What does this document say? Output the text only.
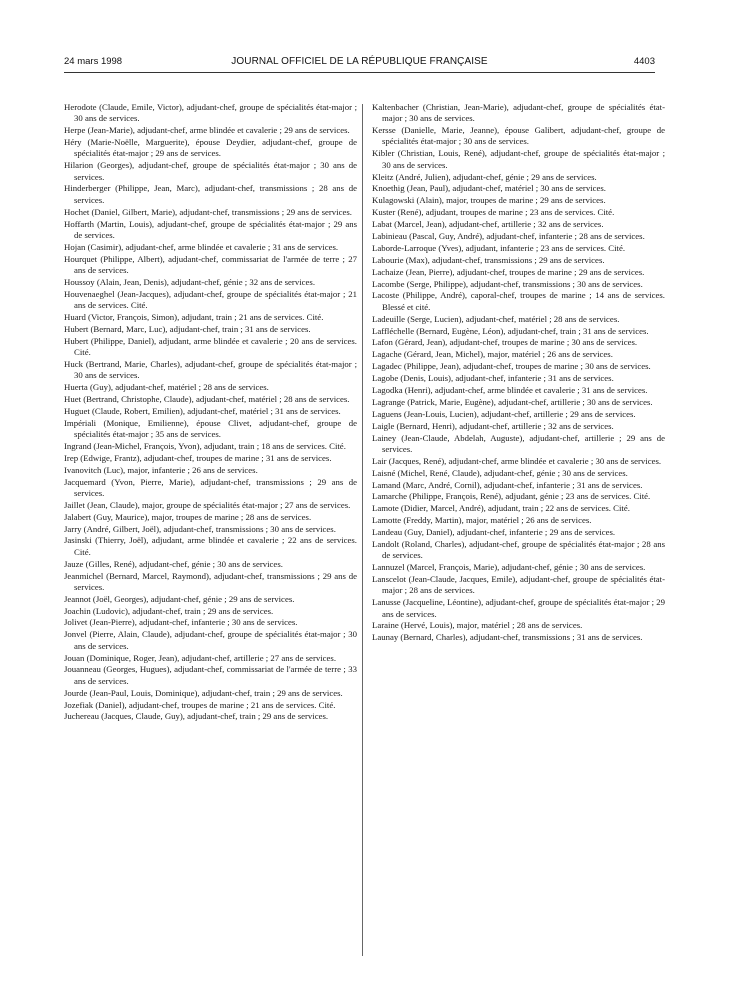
24 mars 1998	JOURNAL OFFICIEL DE LA RÉPUBLIQUE FRANÇAISE	4403

Herodote (Claude, Emile, Victor), adjudant-chef, groupe de spécialités état-major ; 30 ans de services.

Herpe (Jean-Marie), adjudant-chef, arme blindée et cavalerie ; 29 ans de services.

Héry (Marie-Noëlle, Marguerite), épouse Deydier, adjudant-chef, groupe de spécialités état-major ; 29 ans de services.

Hilarion (Georges), adjudant-chef, groupe de spécialités état-major ; 30 ans de services.

Hinderberger (Philippe, Jean, Marc), adjudant-chef, transmissions ; 28 ans de services.

Hochet (Daniel, Gilbert, Marie), adjudant-chef, transmissions ; 29 ans de services.

Hoffarth (Martin, Louis), adjudant-chef, groupe de spécialités état-major ; 29 ans de services.

Hojan (Casimir), adjudant-chef, arme blindée et cavalerie ; 31 ans de services.

Hourquet (Philippe, Albert), adjudant-chef, commissariat de l'armée de terre ; 27 ans de services.

Houssoy (Alain, Jean, Denis), adjudant-chef, génie ; 32 ans de services.

Houvenaeghel (Jean-Jacques), adjudant-chef, groupe de spécialités état-major ; 21 ans de services. Cité.

Huard (Victor, François, Simon), adjudant, train ; 21 ans de services. Cité.

Hubert (Bernard, Marc, Luc), adjudant-chef, train ; 31 ans de services.

Hubert (Philippe, Daniel), adjudant, arme blindée et cavalerie ; 20 ans de services. Cité.

Huck (Bertrand, Marie, Charles), adjudant-chef, groupe de spécialités état-major ; 30 ans de services.

Huerta (Guy), adjudant-chef, matériel ; 28 ans de services.

Huet (Bertrand, Christophe, Claude), adjudant-chef, matériel ; 28 ans de services.

Huguet (Claude, Robert, Emilien), adjudant-chef, matériel ; 31 ans de services.

Impériali (Monique, Emilienne), épouse Clivet, adjudant-chef, groupe de spécialités état-major ; 35 ans de services.

Ingrand (Jean-Michel, François, Yvon), adjudant, train ; 18 ans de services. Cité.

Irep (Edwige, Frantz), adjudant-chef, troupes de marine ; 31 ans de services.

Ivanovitch (Luc), major, infanterie ; 26 ans de services.

Jacquemard (Yvon, Pierre, Marie), adjudant-chef, transmissions ; 29 ans de services.

Jaillet (Jean, Claude), major, groupe de spécialités état-major ; 27 ans de services.

Jalabert (Guy, Maurice), major, troupes de marine ; 28 ans de services.

Jarry (André, Gilbert, Joël), adjudant-chef, transmissions ; 30 ans de services.

Jasinski (Thierry, Joël), adjudant, arme blindée et cavalerie ; 22 ans de services. Cité.

Jauze (Gilles, René), adjudant-chef, génie ; 30 ans de services.

Jeanmichel (Bernard, Marcel, Raymond), adjudant-chef, transmissions ; 29 ans de services.

Jeannot (Joël, Georges), adjudant-chef, génie ; 29 ans de services.

Joachin (Ludovic), adjudant-chef, train ; 29 ans de services.

Jolivet (Jean-Pierre), adjudant-chef, infanterie ; 30 ans de services.

Jonvel (Pierre, Alain, Claude), adjudant-chef, groupe de spécialités état-major ; 30 ans de services.

Jouan (Dominique, Roger, Jean), adjudant-chef, artillerie ; 27 ans de services.

Jouanneau (Georges, Hugues), adjudant-chef, commissariat de l'armée de terre ; 33 ans de services.

Jourde (Jean-Paul, Louis, Dominique), adjudant-chef, train ; 29 ans de services.

Jozefiak (Daniel), adjudant-chef, troupes de marine ; 21 ans de services. Cité.

Juchereau (Jacques, Claude, Guy), adjudant-chef, train ; 29 ans de services.

Kaltenbacher (Christian, Jean-Marie), adjudant-chef, groupe de spécialités état-major ; 30 ans de services.

Kersse (Danielle, Marie, Jeanne), épouse Galibert, adjudant-chef, groupe de spécialités état-major ; 30 ans de services.

Kibler (Christian, Louis, René), adjudant-chef, groupe de spécialités état-major ; 30 ans de services.

Kleitz (André, Julien), adjudant-chef, génie ; 29 ans de services.

Knoethig (Jean, Paul), adjudant-chef, matériel ; 30 ans de services.

Kulagowski (Alain), major, troupes de marine ; 29 ans de services.

Kuster (René), adjudant, troupes de marine ; 23 ans de services. Cité.

Labat (Marcel, Jean), adjudant-chef, artillerie ; 32 ans de services.

Labinieau (Pascal, Guy, André), adjudant-chef, infanterie ; 28 ans de services.

Laborde-Larroque (Yves), adjudant, infanterie ; 23 ans de services. Cité.

Labourie (Max), adjudant-chef, transmissions ; 29 ans de services.

Lachaize (Jean, Pierre), adjudant-chef, troupes de marine ; 29 ans de services.

Lacombe (Serge, Philippe), adjudant-chef, transmissions ; 30 ans de services.

Lacoste (Philippe, André), caporal-chef, troupes de marine ; 14 ans de services. Blessé et cité.

Ladeuille (Serge, Lucien), adjudant-chef, matériel ; 28 ans de services.

Laffléchelle (Bernard, Eugène, Léon), adjudant-chef, train ; 31 ans de services.

Lafon (Gérard, Jean), adjudant-chef, troupes de marine ; 30 ans de services.

Lagache (Gérard, Jean, Michel), major, matériel ; 26 ans de services.

Lagadec (Philippe, Jean), adjudant-chef, troupes de marine ; 30 ans de services.

Lagobe (Denis, Louis), adjudant-chef, infanterie ; 31 ans de services.

Lagodka (Henri), adjudant-chef, arme blindée et cavalerie ; 31 ans de services.

Lagrange (Patrick, Marie, Eugène), adjudant-chef, artillerie ; 30 ans de services.

Laguens (Jean-Louis, Lucien), adjudant-chef, artillerie ; 29 ans de services.

Laigle (Bernard, Henri), adjudant-chef, artillerie ; 32 ans de services.

Lainey (Jean-Claude, Abdelah, Auguste), adjudant-chef, artillerie ; 29 ans de services.

Lair (Jacques, René), adjudant-chef, arme blindée et cavalerie ; 30 ans de services.

Laisné (Michel, René, Claude), adjudant-chef, génie ; 30 ans de services.

Lamand (Marc, André, Cornil), adjudant-chef, infanterie ; 31 ans de services.

Lamarche (Philippe, François, René), adjudant, génie ; 23 ans de services. Cité.

Lamote (Didier, Marcel, André), adjudant, train ; 22 ans de services. Cité.

Lamotte (Freddy, Martin), major, matériel ; 26 ans de services.

Landeau (Guy, Daniel), adjudant-chef, infanterie ; 29 ans de services.

Landolt (Roland, Charles), adjudant-chef, groupe de spécialités état-major ; 28 ans de services.

Lannuzel (Marcel, François, Marie), adjudant-chef, génie ; 30 ans de services.

Lanscelot (Jean-Claude, Jacques, Emile), adjudant-chef, groupe de spécialités état-major ; 28 ans de services.

Lanusse (Jacqueline, Léontine), adjudant-chef, groupe de spécialités état-major ; 29 ans de services.

Laraine (Hervé, Louis), major, matériel ; 28 ans de services.

Launay (Bernard, Charles), adjudant-chef, transmissions ; 31 ans de services.
